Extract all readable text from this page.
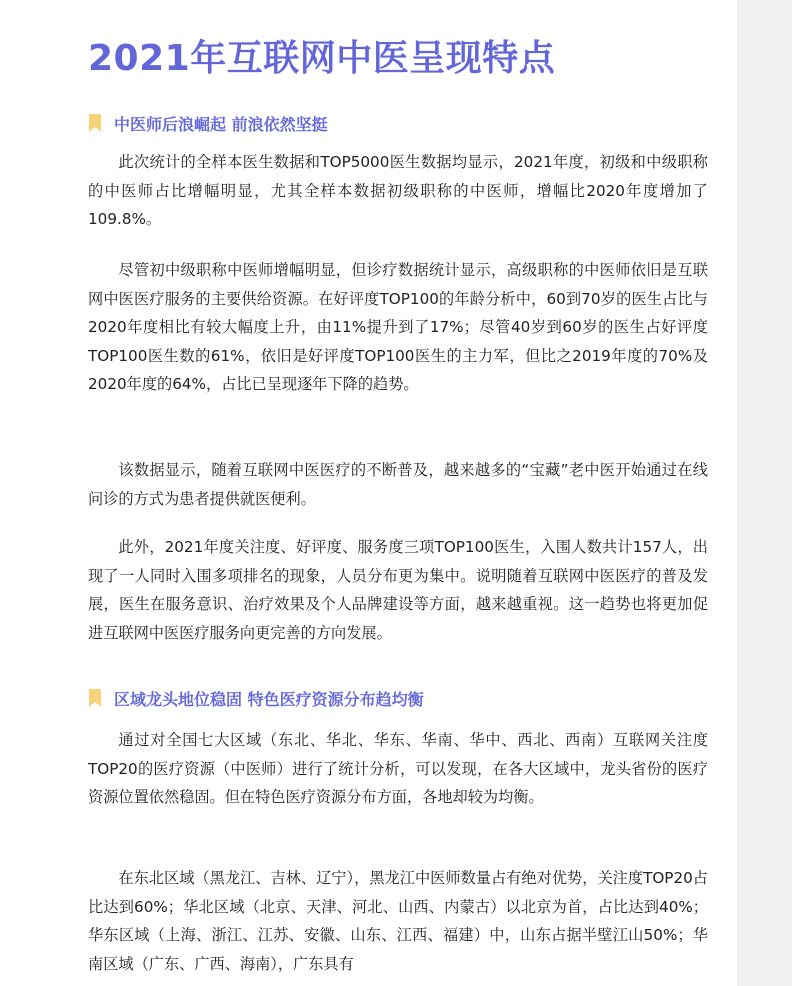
2021年互联网中医呈现特点
中医师后浪崛起 前浪依然坚挺

此次统计的全样本医生数据和TOP5000医生数据均显示，2021年度，初级和中级职称的中医师占比增幅明显，尤其全样本数据初级职称的中医师，增幅比2020年度增加了109.8%。

尽管初中级职称中医师增幅明显，但诊疗数据统计显示，高级职称的中医师依旧是互联网中医医疗服务的主要供给资源。在好评度TOP100的年龄分析中，60到70岁的医生占比与2020年度相比有较大幅度上升，由11%提升到了17%；尽管40岁到60岁的医生占好评度TOP100医生数的61%，依旧是好评度TOP100医生的主力军，但比之2019年度的70%及2020年度的64%，占比已呈现逐年下降的趋势。

该数据显示，随着互联网中医医疗的不断普及，越来越多的“宝藏”老中医开始通过在线问诊的方式为患者提供就医便利。

此外，2021年度关注度、好评度、服务度三项TOP100医生，入围人数共计157人，出现了一人同时入围多项排名的现象，人员分布更为集中。说明随着互联网中医医疗的普及发展，医生在服务意识、治疗效果及个人品牌建设等方面，越来越重视。这一趋势也将更加促进互联网中医医疗服务向更完善的方向发展。

区域龙头地位稳固 特色医疗资源分布趋均衡

通过对全国七大区域（东北、华北、华东、华南、华中、西北、西南）互联网关注度TOP20的医疗资源（中医师）进行了统计分析，可以发现，在各大区域中，龙头省份的医疗资源位置依然稳固。但在特色医疗资源分布方面，各地却较为均衡。

在东北区域（黑龙江、吉林、辽宁），黑龙江中医师数量占有绝对优势，关注度TOP20占比达到60%；华北区域（北京、天津、河北、山西、内蒙古）以北京为首，占比达到40%；华东区域（上海、浙江、江苏、安徽、山东、江西、福建）中，山东占据半壁江山50%；华南区域（广东、广西、海南），广东具有
